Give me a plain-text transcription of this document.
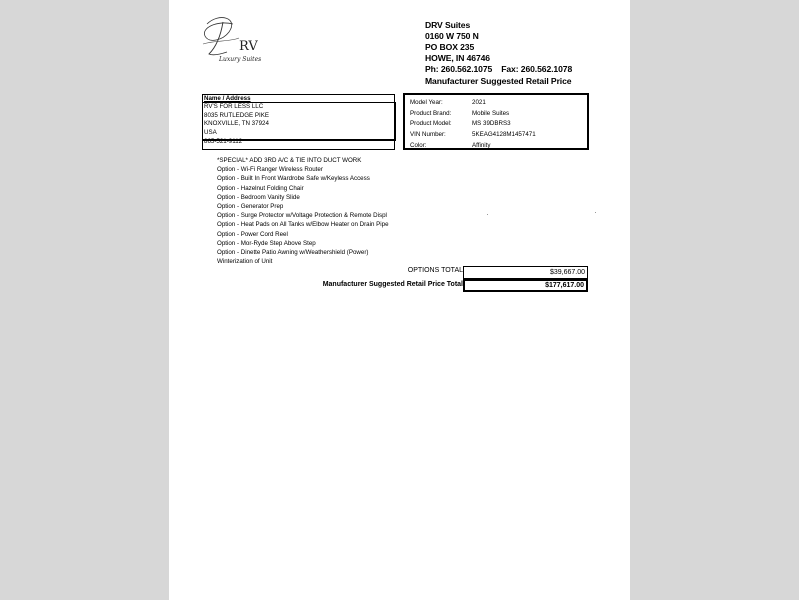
RV
Luxury Suites
DRV Suites
0160 W 750 N
PO BOX 235
HOWE, IN 46746
Ph: 260.562.1075 Fax: 260.562.1078
Manufacturer Suggested Retail Price
Name / Address
RV'S FOR LESS LLC
8035 RUTLEDGE PIKE
KNOXVILLE, TN 37924
USA
865-521-9112
Model Year:	2021
Product Brand:	Mobile Suites
Product Model:	MS 39DBRS3
VIN Number:	5KEAG4128M1457471
Color:	Affinity
*SPECIAL* ADD 3RD A/C & TIE INTO DUCT WORK
Option - Wi-Fi Ranger Wireless Router
Option - Built In Front Wardrobe Safe w/Keyless Access
Option - Hazelnut Folding Chair
Option - Bedroom Vanity Slide
Option - Generator Prep
Option - Surge Protector w/Voltage Protection & Remote Displ
Option - Heat Pads on All Tanks w/Elbow Heater on Drain Pipe
Option - Power Cord Reel
Option - Mor-Ryde Step Above Step
Option - Dinette Patio Awning w/Weathershield (Power)
Winterization of Unit
OPTIONS TOTAL	$39,667.00
Manufacturer Suggested Retail Price Total	$177,617.00
